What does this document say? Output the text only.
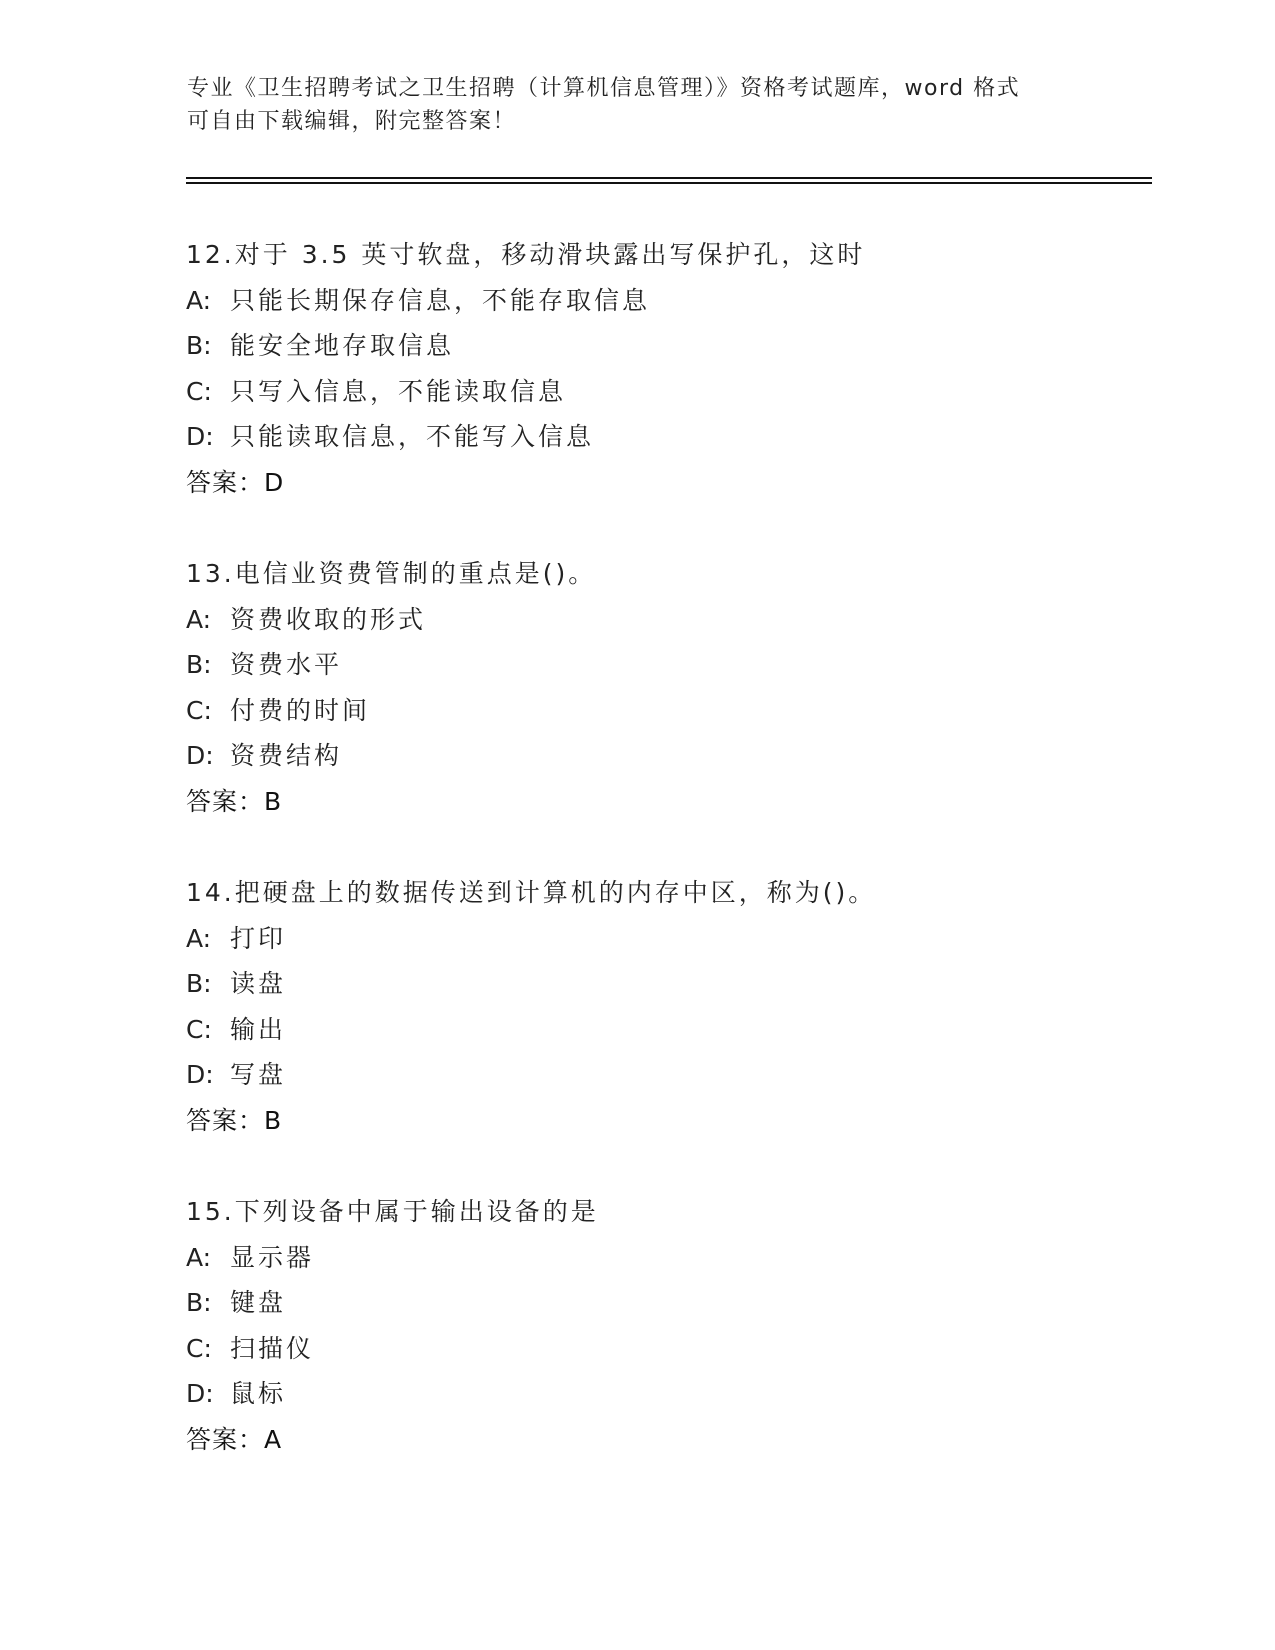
专业《卫生招聘考试之卫生招聘（计算机信息管理）》资格考试题库，word 格式
可自由下载编辑，附完整答案！
12.对于 3.5 英寸软盘，移动滑块露出写保护孔，这时
A: 只能长期保存信息，不能存取信息
B: 能安全地存取信息
C: 只写入信息，不能读取信息
D: 只能读取信息，不能写入信息
答案：D
13.电信业资费管制的重点是()。
A: 资费收取的形式
B: 资费水平
C: 付费的时间
D: 资费结构
答案：B
14.把硬盘上的数据传送到计算机的内存中区，称为()。
A: 打印
B: 读盘
C: 输出
D: 写盘
答案：B
15.下列设备中属于输出设备的是
A: 显示器
B: 键盘
C: 扫描仪
D: 鼠标
答案：A
